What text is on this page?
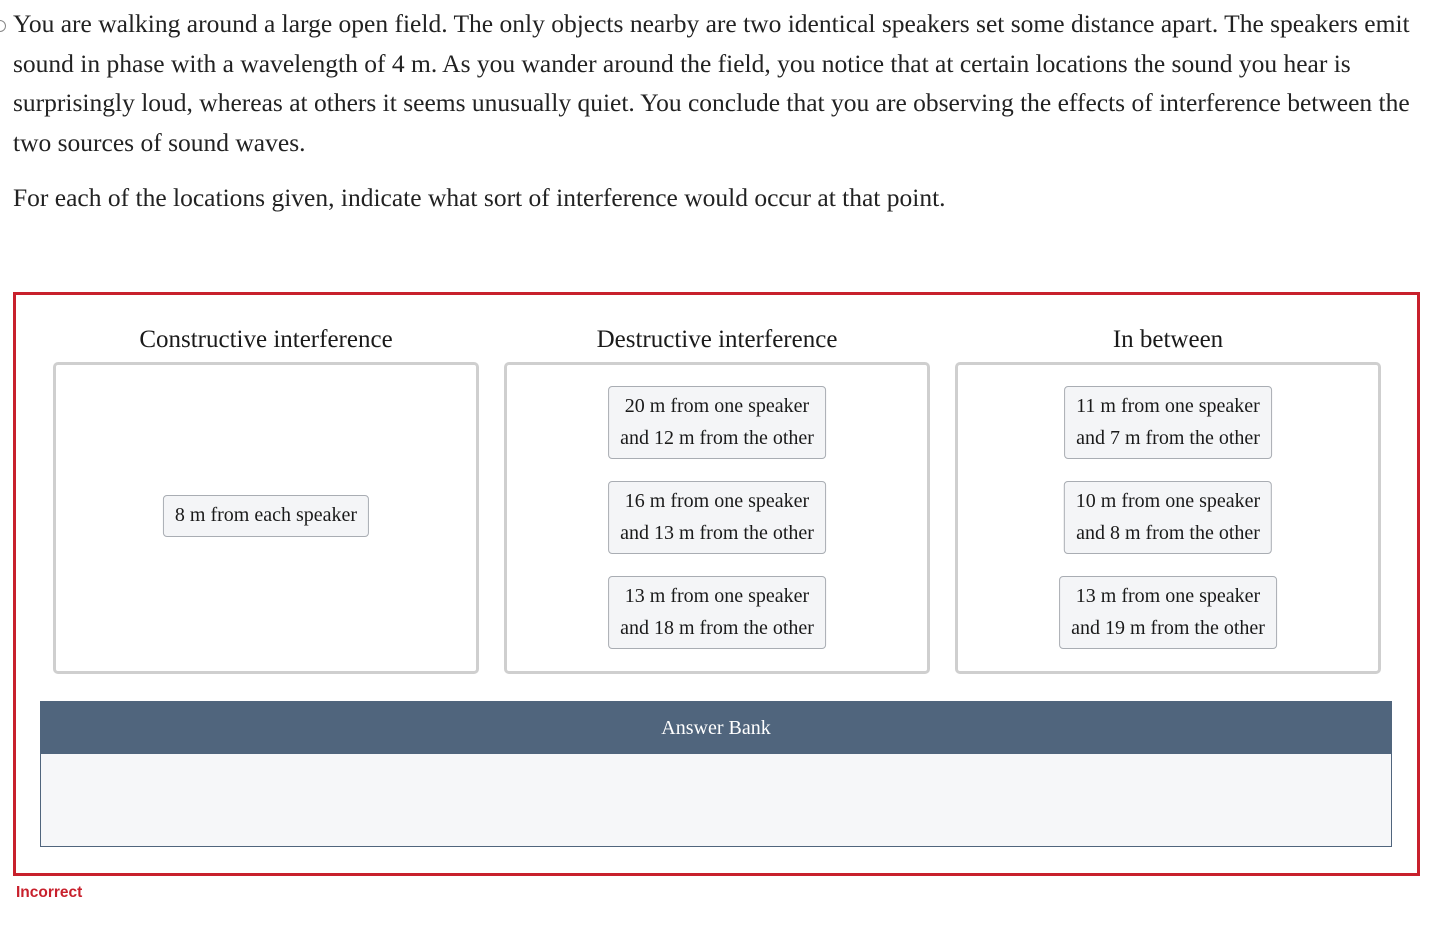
You are walking around a large open field. The only objects nearby are two identical speakers set some distance apart. The speakers emit sound in phase with a wavelength of 4 m. As you wander around the field, you notice that at certain locations the sound you hear is surprisingly loud, whereas at others it seems unusually quiet. You conclude that you are observing the effects of interference between the two sources of sound waves.

For each of the locations given, indicate what sort of interference would occur at that point.

Constructive interference
8 m from each speaker
Destructive interference
20 m from one speaker
and 12 m from the other
16 m from one speaker
and 13 m from the other
13 m from one speaker
and 18 m from the other
In between
11 m from one speaker
and 7 m from the other
10 m from one speaker
and 8 m from the other
13 m from one speaker
and 19 m from the other
Answer Bank
Incorrect
